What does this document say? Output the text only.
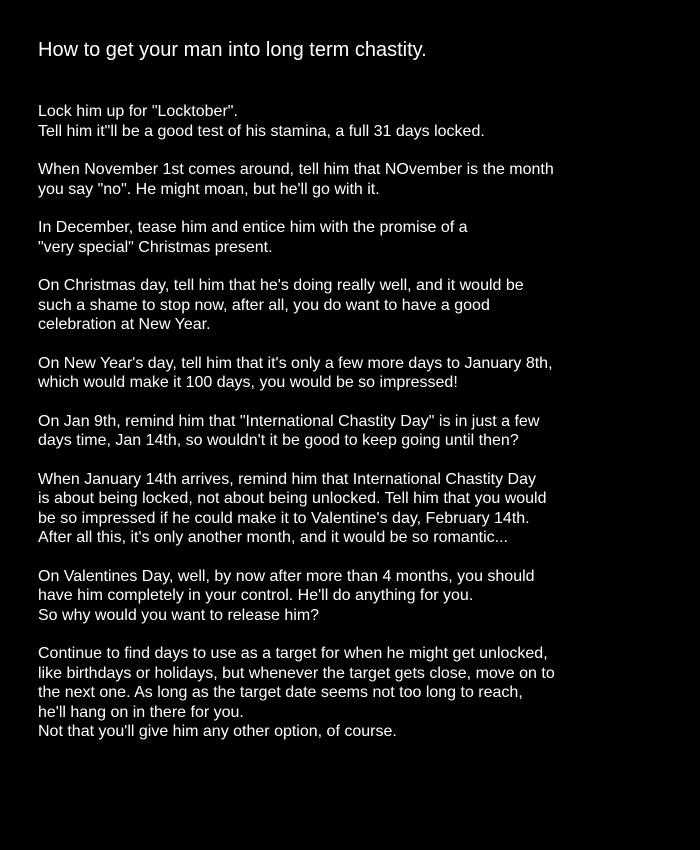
How to get your man into long term chastity.

Lock him up for "Locktober".
Tell him it"ll be a good test of his stamina, a full 31 days locked.

When November 1st comes around, tell him that NOvember is the month
you say "no". He might moan, but he'll go with it.

In December, tease him and entice him with the promise of a
"very special" Christmas present.

On Christmas day, tell him that he's doing really well, and it would be
such a shame to stop now, after all, you do want to have a good
celebration at New Year.

On New Year's day, tell him that it's only a few more days to January 8th,
which would make it 100 days, you would be so impressed!

On Jan 9th, remind him that "International Chastity Day" is in just a few
days time, Jan 14th, so wouldn't it be good to keep going until then?

When January 14th arrives, remind him that International Chastity Day
is about being locked, not about being unlocked. Tell him that you would
be so impressed if he could make it to Valentine's day, February 14th.
After all this, it's only another month, and it would be so romantic...

On Valentines Day, well, by now after more than 4 months, you should
have him completely in your control. He'll do anything for you.
So why would you want to release him?

Continue to find days to use as a target for when he might get unlocked,
like birthdays or holidays, but whenever the target gets close, move on to
the next one. As long as the target date seems not too long to reach,
he'll hang on in there for you.
Not that you'll give him any other option, of course.
